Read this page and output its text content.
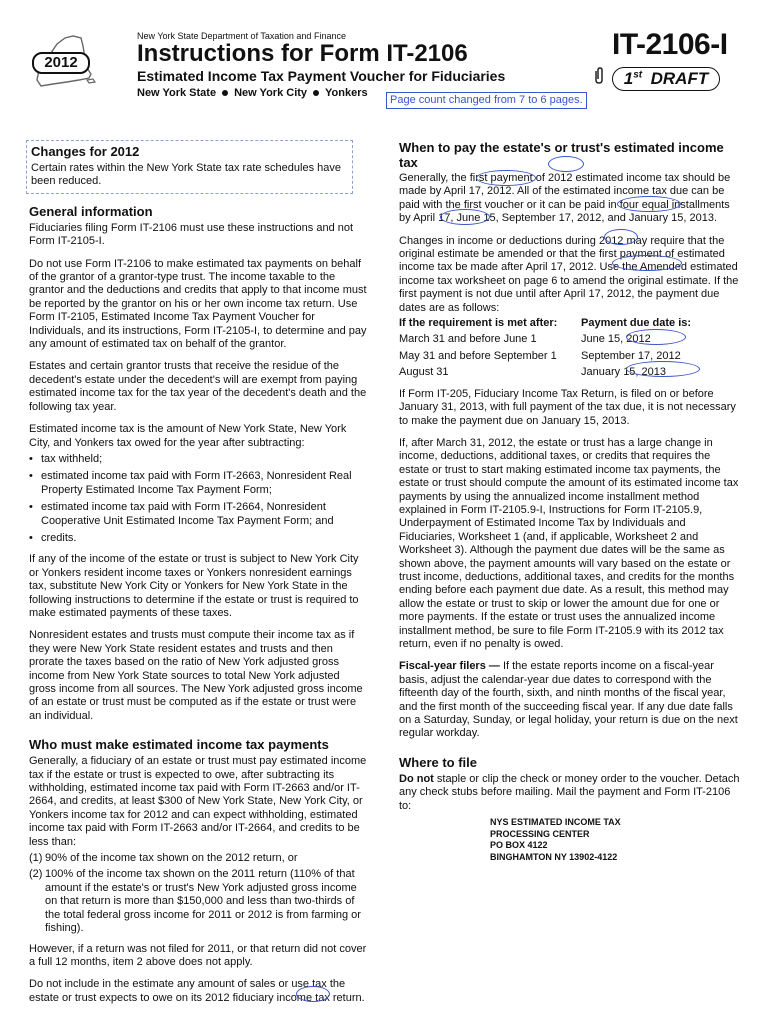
2012
New York State Department of Taxation and Finance
Instructions for Form IT-2106
Estimated Income Tax Payment Voucher for Fiduciaries
New York State New York City Yonkers
IT-2106-I
1st DRAFT
Page count changed from 7 to 6 pages.
Changes for 2012

Certain rates within the New York State tax rate schedules have been reduced.

General information

Fiduciaries filing Form IT-2106 must use these instructions and not Form IT-2105-I.

Do not use Form IT-2106 to make estimated tax payments on behalf of the grantor of a grantor-type trust. The income taxable to the grantor and the deductions and credits that apply to that income must be reported by the grantor on his or her own income tax return. Use Form IT-2105, Estimated Income Tax Payment Voucher for Individuals, and its instructions, Form IT-2105-I, to determine and pay any amount of estimated tax on behalf of the grantor.

Estates and certain grantor trusts that receive the residue of the decedent's estate under the decedent's will are exempt from paying estimated income tax for the tax year of the decedent's death and the following tax year.

Estimated income tax is the amount of New York State, New York City, and Yonkers tax owed for the year after subtracting:

• tax withheld;
• estimated income tax paid with Form IT-2663, Nonresident Real Property Estimated Income Tax Payment Form;
• estimated income tax paid with Form IT-2664, Nonresident Cooperative Unit Estimated Income Tax Payment Form; and
• credits.

If any of the income of the estate or trust is subject to New York City or Yonkers resident income taxes or Yonkers nonresident earnings tax, substitute New York City or Yonkers for New York State in the following instructions to determine if the estate or trust is required to make estimated payments of these taxes.

Nonresident estates and trusts must compute their income tax as if they were New York State resident estates and trusts and then prorate the taxes based on the ratio of New York adjusted gross income from New York State sources to total New York adjusted gross income from all sources. The New York adjusted gross income of an estate or trust must be computed as if the estate or trust were an individual.

Who must make estimated income tax payments

Generally, a fiduciary of an estate or trust must pay estimated income tax if the estate or trust is expected to owe, after subtracting its withholding, estimated income tax paid with Form IT-2663 and/or IT-2664, and credits, at least $300 of New York State, New York City, or Yonkers income tax for 2012 and can expect withholding, estimated income tax paid with Form IT-2663 and/or IT-2664, and credits to be less than:

(1) 90% of the income tax shown on the 2012 return, or
(2) 100% of the income tax shown on the 2011 return (110% of that amount if the estate's or trust's New York adjusted gross income on that return is more than $150,000 and less than two-thirds of the total federal gross income for 2011 or 2012 is from farming or fishing).

However, if a return was not filed for 2011, or that return did not cover a full 12 months, item 2 above does not apply.

Do not include in the estimate any amount of sales or use tax the estate or trust expects to owe on its 2012 fiduciary income tax return.

When to pay the estate's or trust's estimated income tax

Generally, the first payment of 2012 estimated income tax should be made by April 17, 2012. All of the estimated income tax due can be paid with the first voucher or it can be paid in four equal installments by April 17, June 15, September 17, 2012, and January 15, 2013.

Changes in income or deductions during 2012 may require that the original estimate be amended or that the first payment of estimated income tax be made after April 17, 2012. Use the Amended estimated income tax worksheet on page 6 to amend the original estimate. If the first payment is not due until after April 17, 2012, the payment due dates are as follows:

If the requirement is met after:	Payment due date is:
March 31 and before June 1	June 15, 2012
May 31 and before September 1	September 17, 2012
August 31	January 15, 2013

If Form IT-205, Fiduciary Income Tax Return, is filed on or before January 31, 2013, with full payment of the tax due, it is not necessary to make the payment due on January 15, 2013.

If, after March 31, 2012, the estate or trust has a large change in income, deductions, additional taxes, or credits that requires the estate or trust to start making estimated income tax payments, the estate or trust should compute the amount of its estimated income tax payments by using the annualized income installment method explained in Form IT-2105.9-I, Instructions for Form IT-2105.9, Underpayment of Estimated Income Tax by Individuals and Fiduciaries, Worksheet 1 (and, if applicable, Worksheet 2 and Worksheet 3). Although the payment due dates will be the same as shown above, the payment amounts will vary based on the estate or trust income, deductions, additional taxes, and credits for the months ending before each payment due date. As a result, this method may allow the estate or trust to skip or lower the amount due for one or more payments. If the estate or trust uses the annualized income installment method, be sure to file Form IT-2105.9 with its 2012 tax return, even if no penalty is owed.

Fiscal-year filers — If the estate reports income on a fiscal-year basis, adjust the calendar-year due dates to correspond with the fifteenth day of the fourth, sixth, and ninth months of the fiscal year, and the first month of the succeeding fiscal year. If any due date falls on a Saturday, Sunday, or legal holiday, your return is due on the next regular workday.

Where to file

Do not staple or clip the check or money order to the voucher. Detach any check stubs before mailing. Mail the payment and Form IT-2106 to:

NYS ESTIMATED INCOME TAX
PROCESSING CENTER
PO BOX 4122
BINGHAMTON NY 13902-4122
